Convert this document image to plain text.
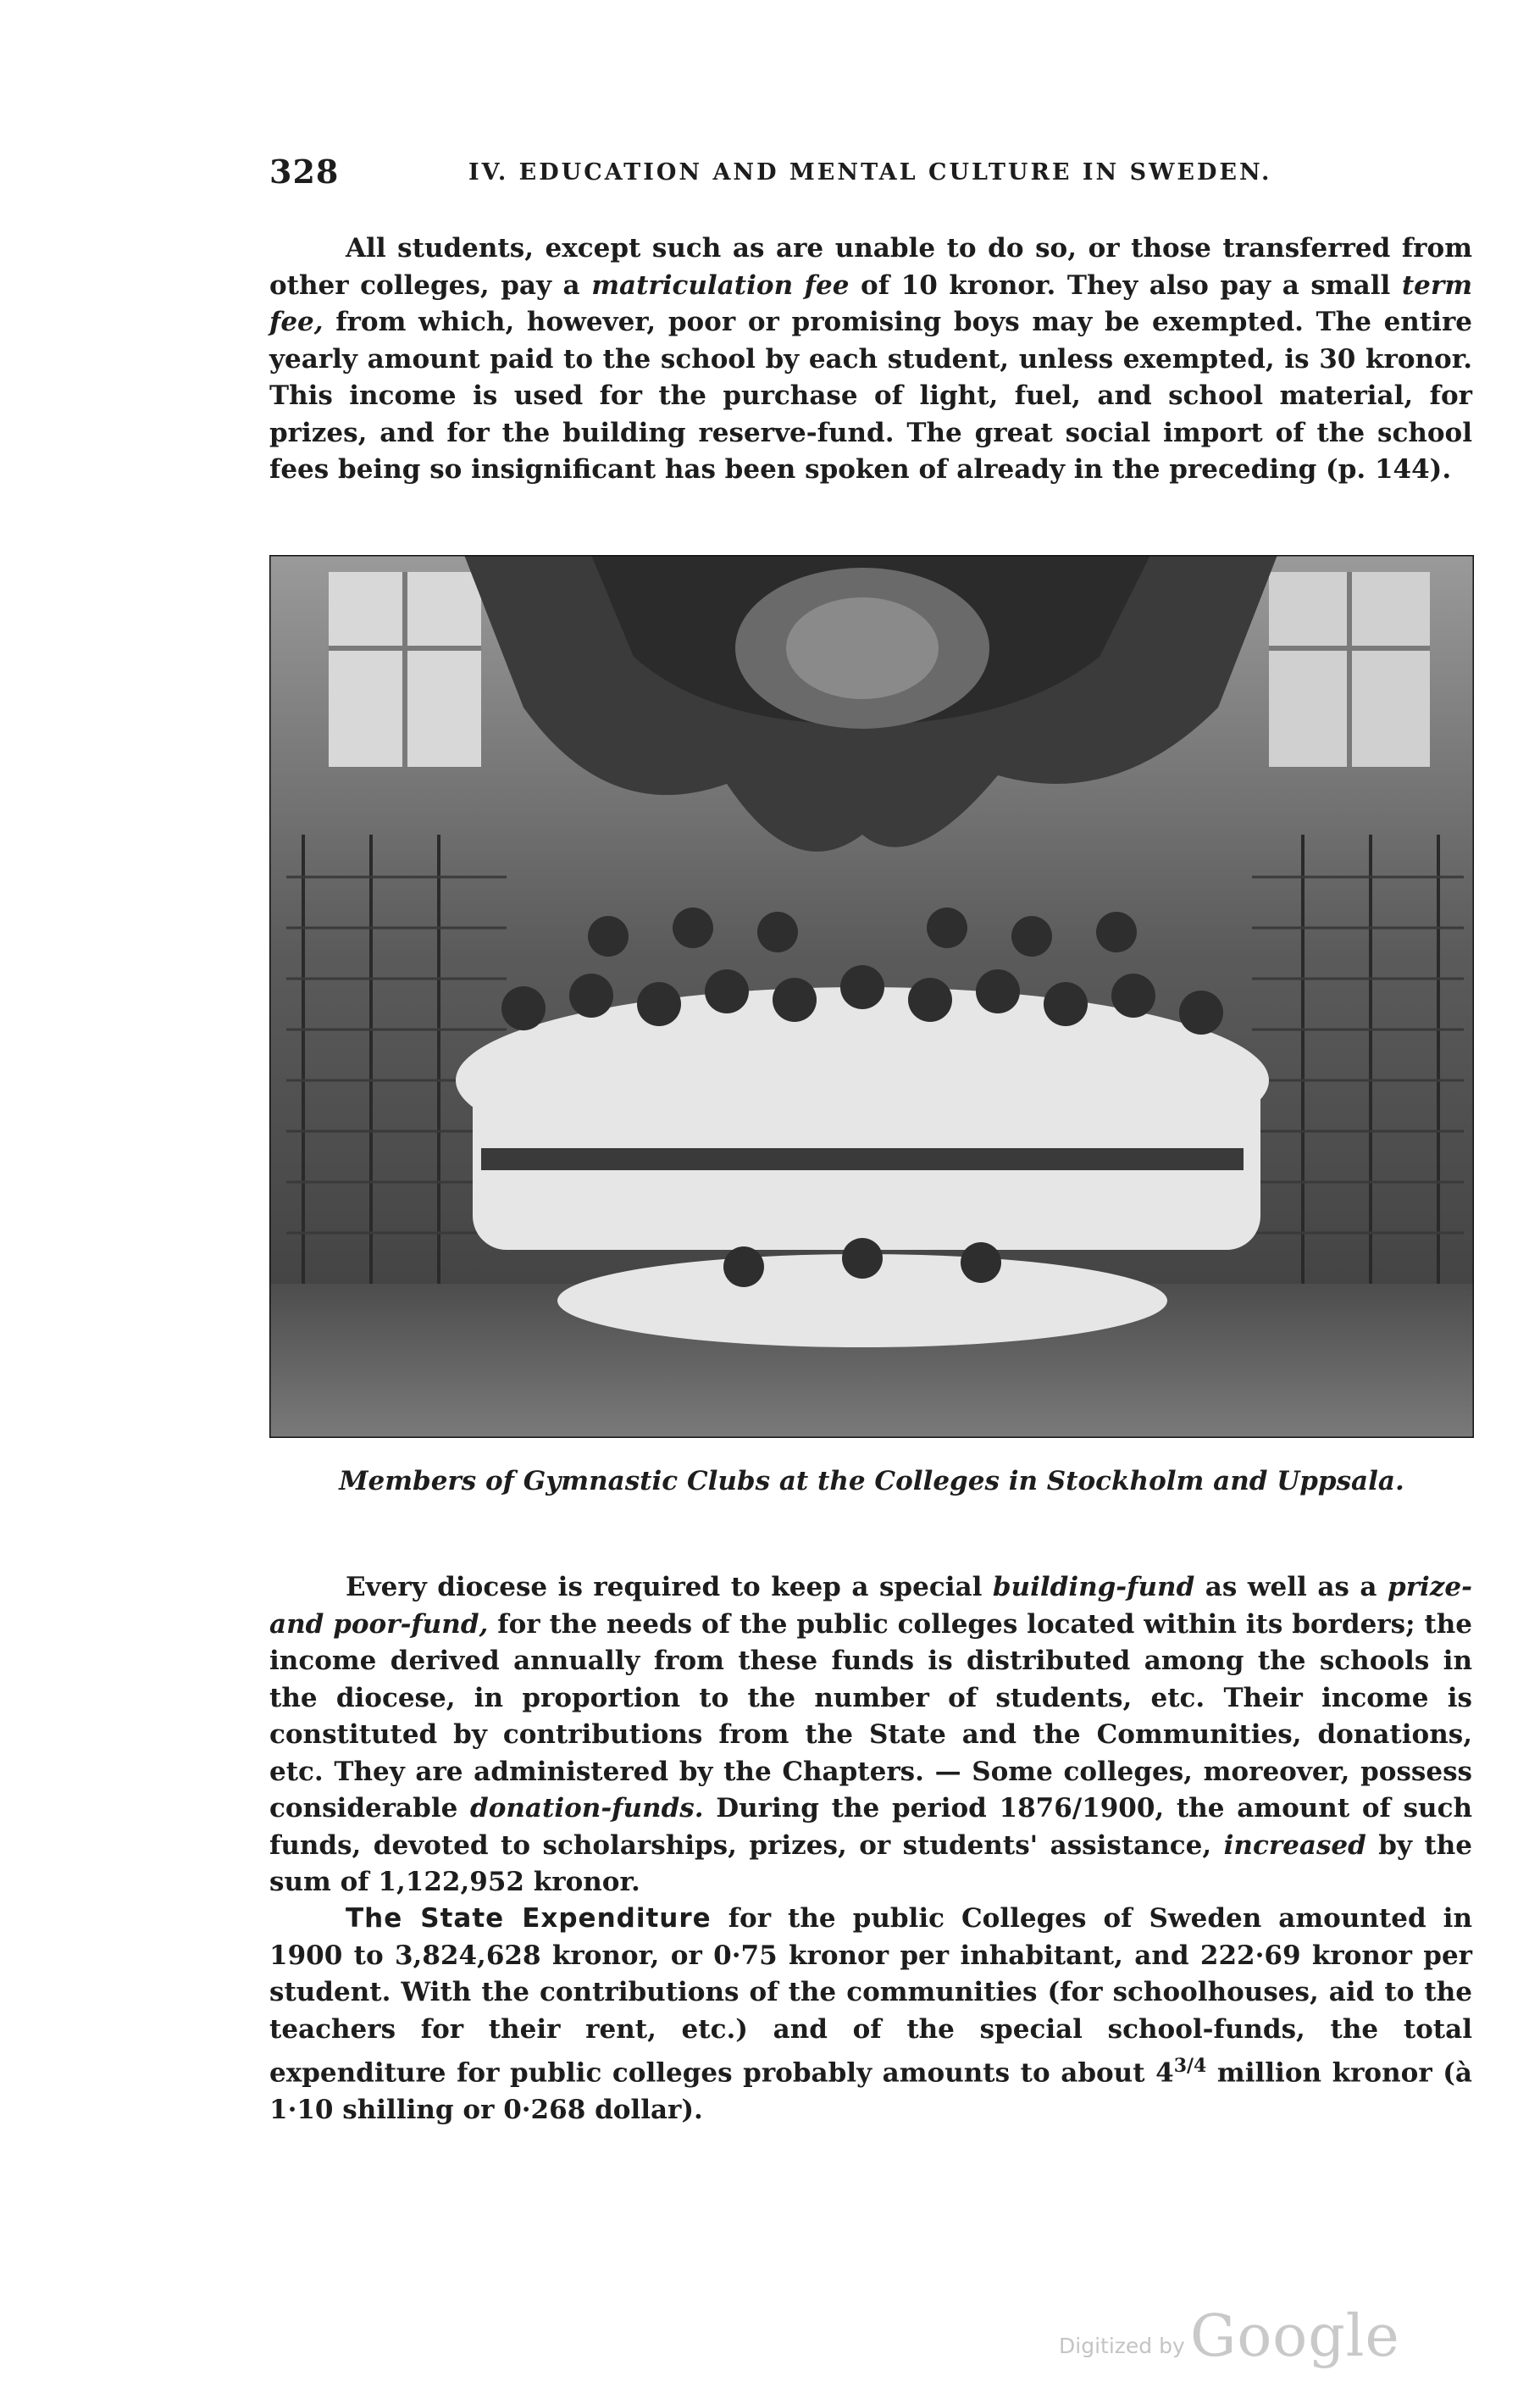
328	IV. EDUCATION AND MENTAL CULTURE IN SWEDEN.

All students, except such as are unable to do so, or those transferred from other colleges, pay a matriculation fee of 10 kronor. They also pay a small term fee, from which, however, poor or promising boys may be exempted. The entire yearly amount paid to the school by each student, unless exempted, is 30 kronor. This income is used for the purchase of light, fuel, and school material, for prizes, and for the building reserve-fund. The great social import of the school fees being so insignificant has been spoken of already in the preceding (p. 144).

Members of Gymnastic Clubs at the Colleges in Stockholm and Uppsala.

Every diocese is required to keep a special building-fund as well as a prize- and poor-fund, for the needs of the public colleges located within its borders; the income derived annually from these funds is distributed among the schools in the diocese, in proportion to the number of students, etc. Their income is constituted by contributions from the State and the Communities, donations, etc. They are administered by the Chapters. — Some colleges, moreover, possess considerable donation-funds. During the period 1876/1900, the amount of such funds, devoted to scholarships, prizes, or students' assistance, increased by the sum of 1,122,952 kronor.

The State Expenditure for the public Colleges of Sweden amounted in 1900 to 3,824,628 kronor, or 0·75 kronor per inhabitant, and 222·69 kronor per student. With the contributions of the communities (for schoolhouses, aid to the teachers for their rent, etc.) and of the special school-funds, the total expenditure for public colleges probably amounts to about $4^{3/4}$ million kronor (à 1·10 shilling or 0·268 dollar).

Digitized by Google
